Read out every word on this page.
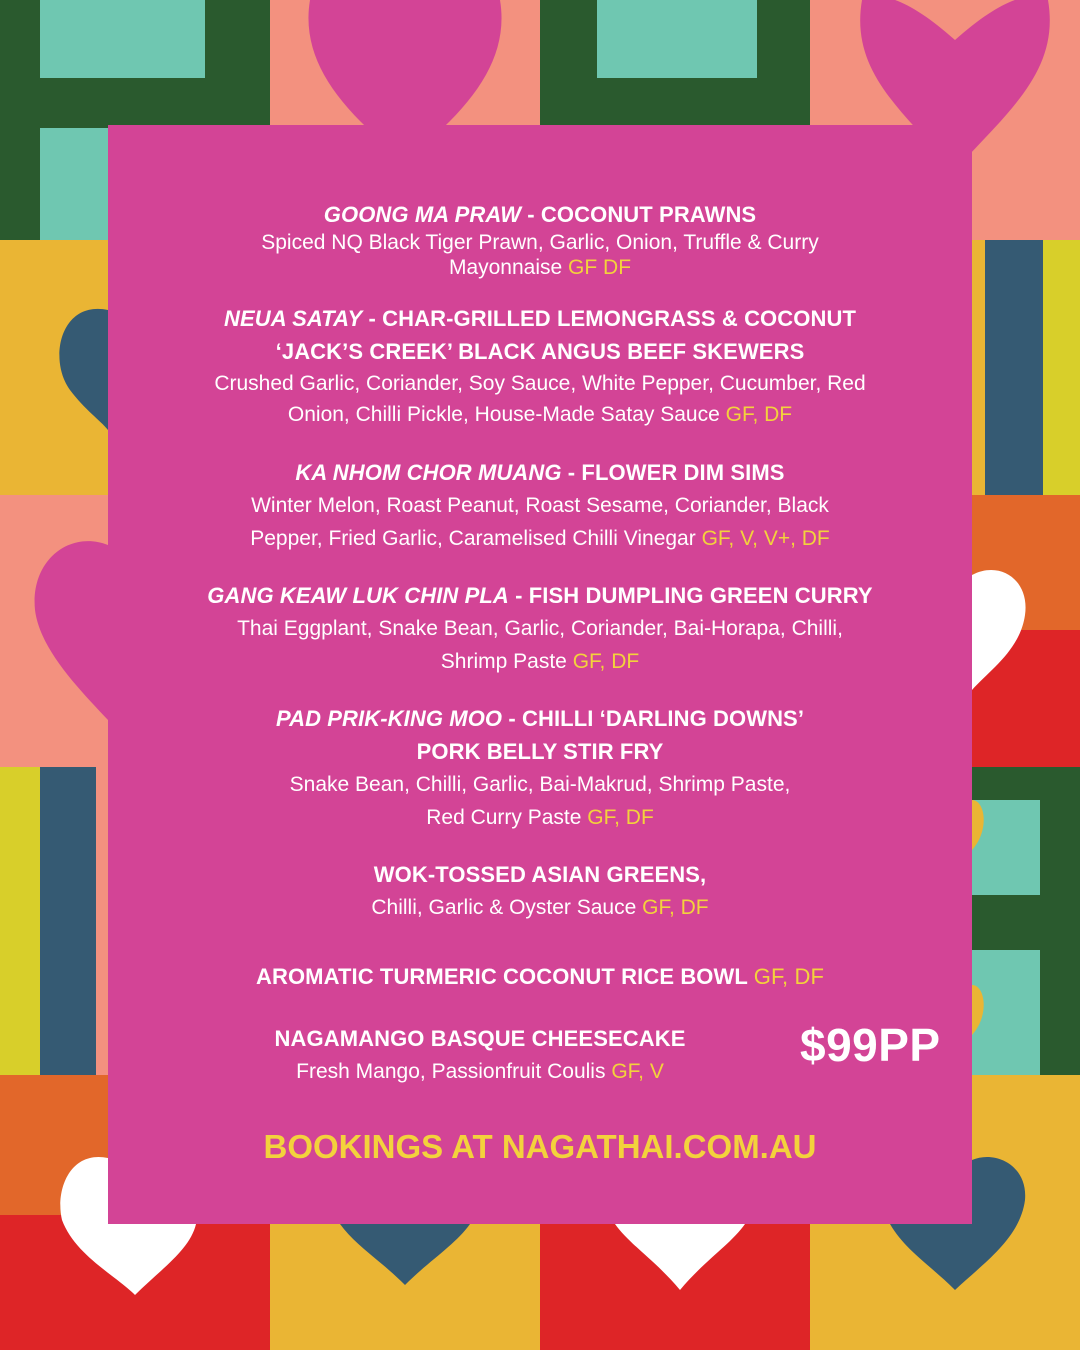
GOONG MA PRAW - COCONUT PRAWNS
Spiced NQ Black Tiger Prawn, Garlic, Onion, Truffle & Curry
Mayonnaise GF DF
NEUA SATAY - CHAR-GRILLED LEMONGRASS & COCONUT
‘JACK’S CREEK’ BLACK ANGUS BEEF SKEWERS
Crushed Garlic, Coriander, Soy Sauce, White Pepper, Cucumber, Red
Onion, Chilli Pickle, House-Made Satay Sauce GF, DF
KA NHOM CHOR MUANG - FLOWER DIM SIMS
Winter Melon, Roast Peanut, Roast Sesame, Coriander, Black
Pepper, Fried Garlic, Caramelised Chilli Vinegar GF, V, V+, DF
GANG KEAW LUK CHIN PLA - FISH DUMPLING GREEN CURRY
Thai Eggplant, Snake Bean, Garlic, Coriander, Bai-Horapa, Chilli,
Shrimp Paste GF, DF
PAD PRIK-KING MOO - CHILLI ‘DARLING DOWNS’
PORK BELLY STIR FRY
Snake Bean, Chilli, Garlic, Bai-Makrud, Shrimp Paste,
Red Curry Paste GF, DF
WOK-TOSSED ASIAN GREENS,
Chilli, Garlic & Oyster Sauce GF, DF
AROMATIC TURMERIC COCONUT RICE BOWL GF, DF
NAGAMANGO BASQUE CHEESECAKE
Fresh Mango, Passionfruit Coulis GF, V
$99PP
BOOKINGS AT NAGATHAI.COM.AU
